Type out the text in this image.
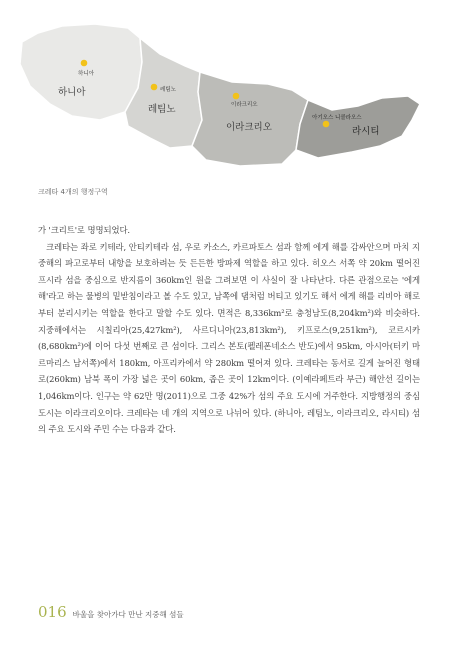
하니아
레팀노
이라크리오
아기오스 니콜라오스
하니아
레팀노
이라크리오	라시티
크레타 4개의 행정구역

가 '크리트'로 명명되었다.

크레타는 좌로 키테라, 안티키테라 섬, 우로 카소스, 카르파토스 섬과 함께 에게 해를 감싸안으며 마치 지중해의 파고로부터 내항을 보호하려는 듯 든든한 방파제 역할을 하고 있다. 히오스 서쪽 약 20km 떨어진 프시라 섬을 중심으로 반지름이 360km인 원을 그려보면 이 사실이 잘 나타난다. 다른 관점으로는 '에게 해'라고 하는 물병의 밑받침이라고 볼 수도 있고, 남쪽에 댐처럼 버티고 있기도 해서 에게 해를 리비아 해로부터 분리시키는 역할을 한다고 말할 수도 있다. 면적은 8,336km²로 충청남도(8,204km²)와 비슷하다. 지중해에서는 시칠리아(25,427km²), 사르디니아(23,813km²), 키프로스(9,251km²), 코르시카(8,680km²)에 이어 다섯 번째로 큰 섬이다. 그리스 본토(펠레폰네소스 반도)에서 95km, 아시아(터키 마르마리스 남서쪽)에서 180km, 아프리카에서 약 280km 떨어져 있다. 크레타는 동서로 길게 늘어진 형태로(260km) 남북 폭이 가장 넓은 곳이 60km, 좁은 곳이 12km이다. (이예라페트라 부근) 해안선 길이는 1,046km이다. 인구는 약 62만 명(2011)으로 그중 42%가 섬의 주요 도시에 거주한다. 지방행정의 중심도시는 이라크리오이다. 크레타는 네 개의 지역으로 나뉘어 있다. (하니아, 레팀노, 이라크리오, 라시티) 섬의 주요 도시와 주민 수는 다음과 같다.

016 바울을 찾아가다 만난 지중해 섬들
